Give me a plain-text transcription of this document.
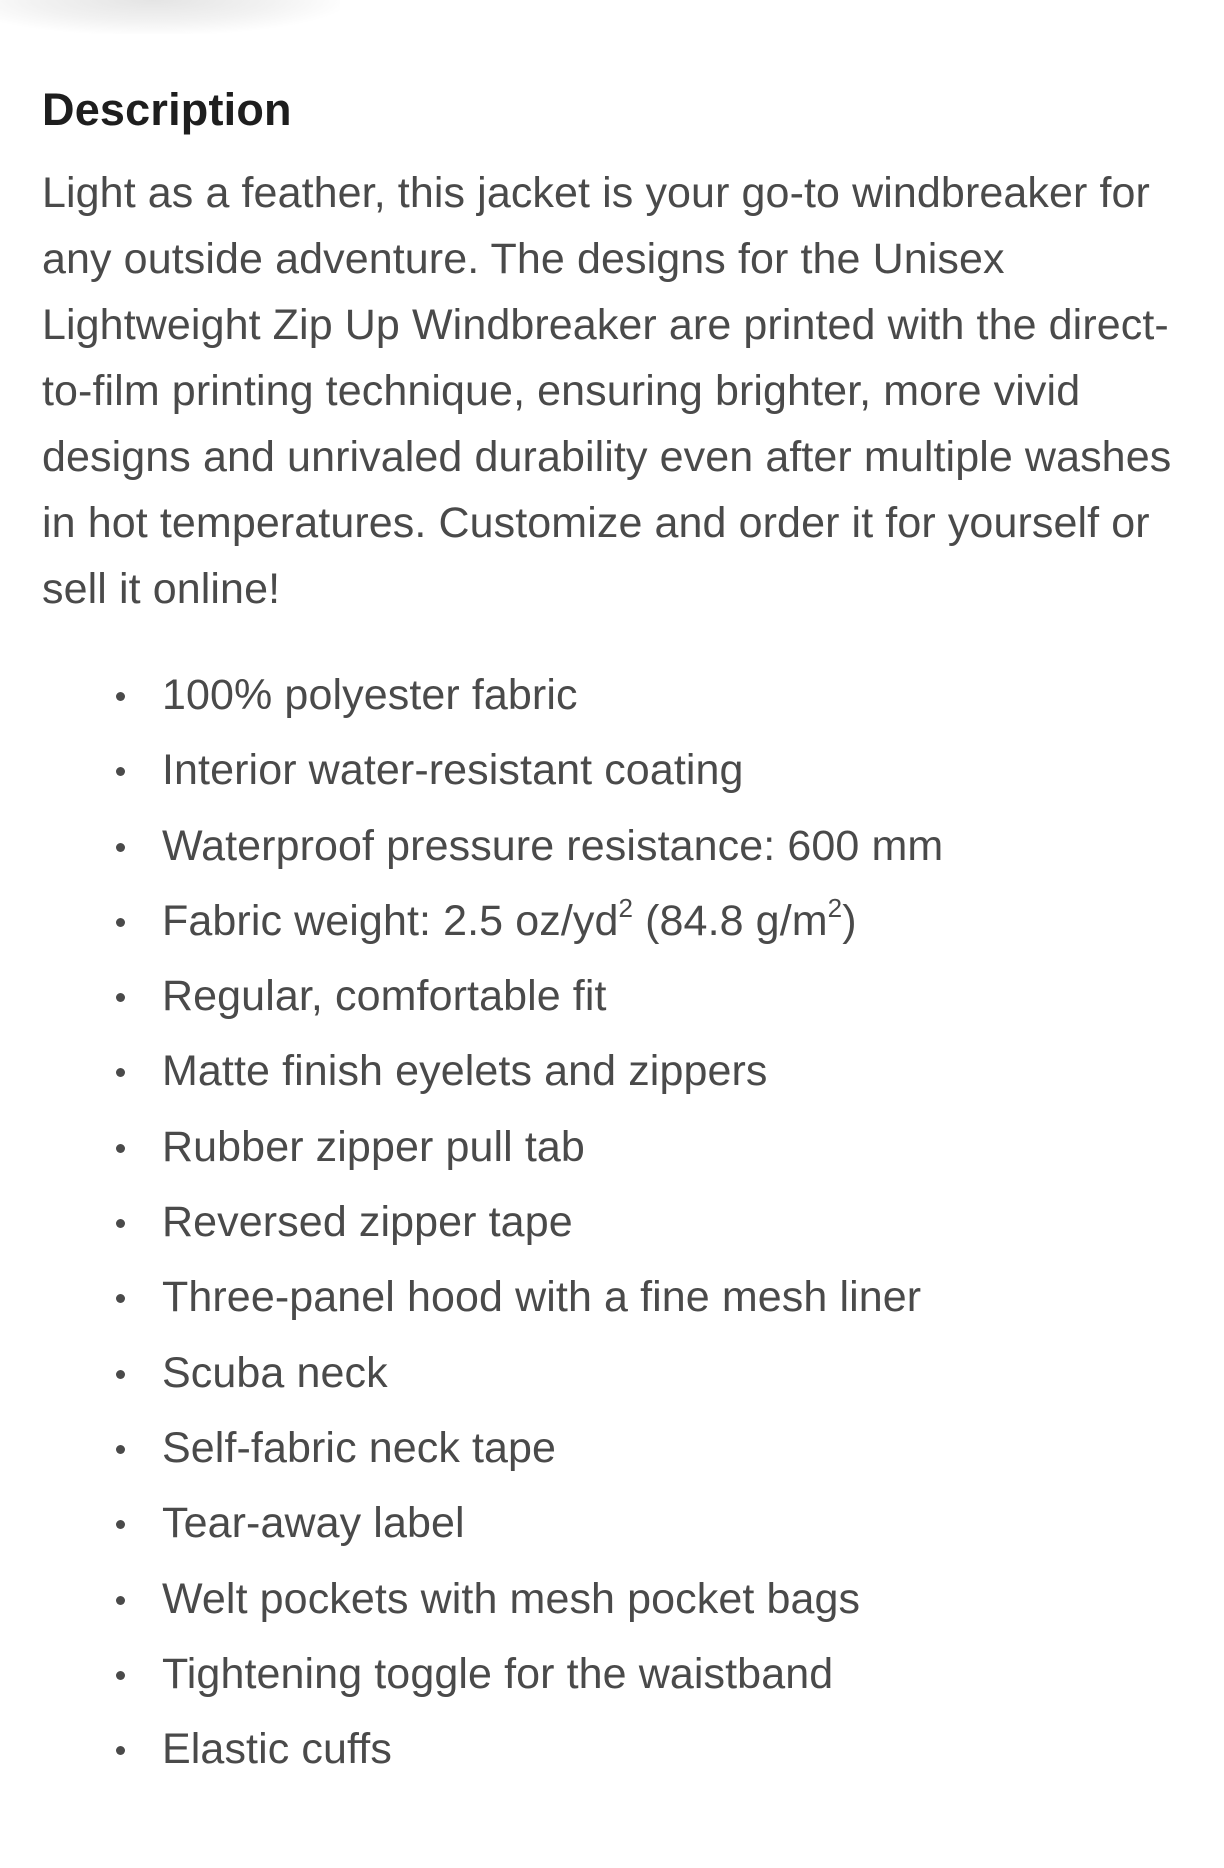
Description

Light as a feather, this jacket is your go-to windbreaker for any outside adventure. The designs for the Unisex Lightweight Zip Up Windbreaker are printed with the direct-to-film printing technique, ensuring brighter, more vivid designs and unrivaled durability even after multiple washes in hot temperatures. Customize and order it for yourself or sell it online!

100% polyester fabric
Interior water-resistant coating
Waterproof pressure resistance: 600 mm
Fabric weight: 2.5 $oz/yd^2$ (84.8 $g/m^2$)
Regular, comfortable fit
Matte finish eyelets and zippers
Rubber zipper pull tab
Reversed zipper tape
Three-panel hood with a fine mesh liner
Scuba neck
Self-fabric neck tape
Tear-away label
Welt pockets with mesh pocket bags
Tightening toggle for the waistband
Elastic cuffs
